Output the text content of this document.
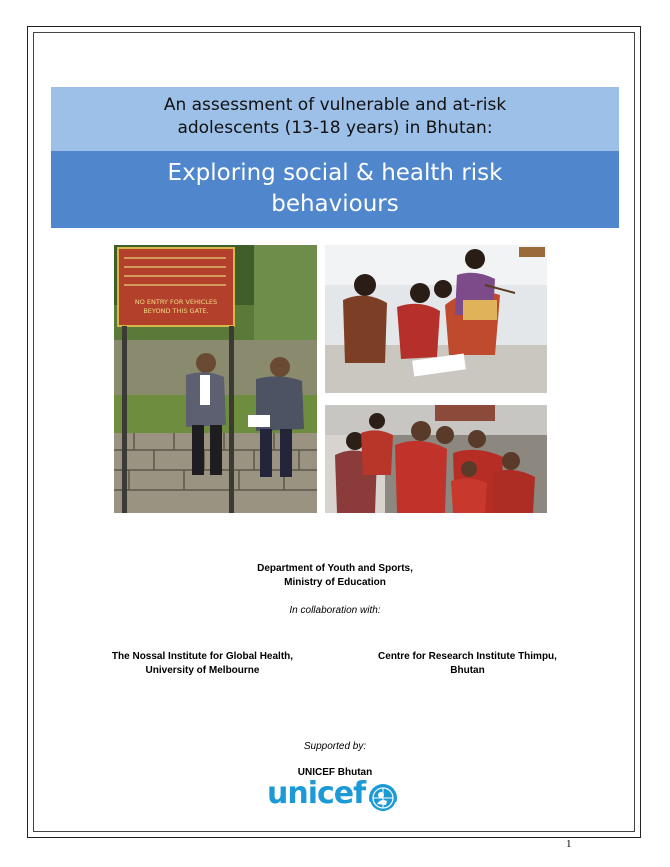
An assessment of vulnerable and at-risk
adolescents (13-18 years) in Bhutan:
Exploring social & health risk
behaviours
NO ENTRY FOR VEHICLES
BEYOND THIS GATE.
Department of Youth and Sports,
Ministry of Education
In collaboration with:
The Nossal Institute for Global Health,
University of Melbourne
Centre for Research Institute Thimpu,
Bhutan
Supported by:
UNICEF Bhutan
unicef
1
